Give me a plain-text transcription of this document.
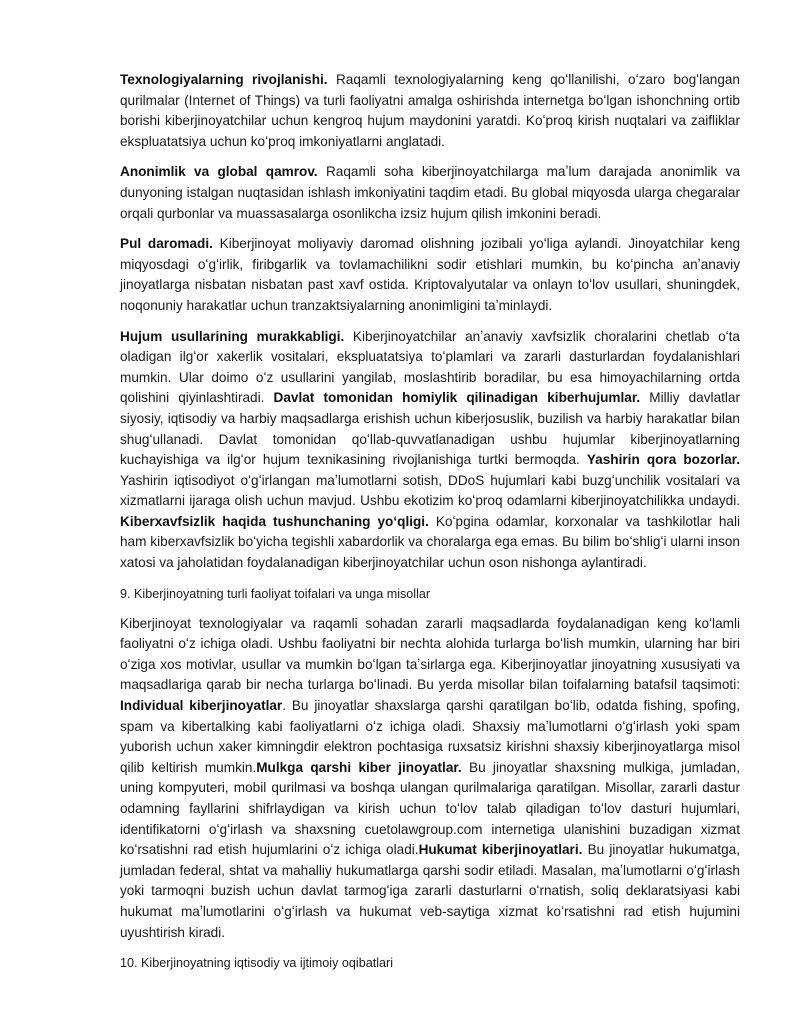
Texnologiyalarning rivojlanishi. Raqamli texnologiyalarning keng qoʻllanilishi, oʻzaro bogʻlangan qurilmalar (Internet of Things) va turli faoliyatni amalga oshirishda internetga boʻlgan ishonchning ortib borishi kiberjinoyatchilar uchun kengroq hujum maydonini yaratdi. Koʻproq kirish nuqtalari va zaifliklar ekspluatatsiya uchun koʻproq imkoniyatlarni anglatadi.

Anonimlik va global qamrov. Raqamli soha kiberjinoyatchilarga maʼlum darajada anonimlik va dunyoning istalgan nuqtasidan ishlash imkoniyatini taqdim etadi. Bu global miqyosda ularga chegaralar orqali qurbonlar va muassasalarga osonlikcha izsiz hujum qilish imkonini beradi.

Pul daromadi. Kiberjinoyat moliyaviy daromad olishning jozibali yoʻliga aylandi. Jinoyatchilar keng miqyosdagi oʻgʻirlik, firibgarlik va tovlamachilikni sodir etishlari mumkin, bu koʻpincha anʼanaviy jinoyatlarga nisbatan nisbatan past xavf ostida. Kriptovalyutalar va onlayn toʻlov usullari, shuningdek, noqonuniy harakatlar uchun tranzaktsiyalarning anonimligini taʼminlaydi.

Hujum usullarining murakkabligi. Kiberjinoyatchilar anʼanaviy xavfsizlik choralarini chetlab oʻta oladigan ilgʻor xakerlik vositalari, ekspluatatsiya toʻplamlari va zararli dasturlardan foydalanishlari mumkin. Ular doimo oʻz usullarini yangilab, moslashtirib boradilar, bu esa himoyachilarning ortda qolishini qiyinlashtiradi. Davlat tomonidan homiylik qilinadigan kiberhujumlar. Milliy davlatlar siyosiy, iqtisodiy va harbiy maqsadlarga erishish uchun kiberjosuslik, buzilish va harbiy harakatlar bilan shugʻullanadi. Davlat tomonidan qoʻllab-quvvatlanadigan ushbu hujumlar kiberjinoyatlarning kuchayishiga va ilgʻor hujum texnikasining rivojlanishiga turtki bermoqda. Yashirin qora bozorlar. Yashirin iqtisodiyot oʻgʻirlangan maʼlumotlarni sotish, DDoS hujumlari kabi buzgʻunchilik vositalari va xizmatlarni ijaraga olish uchun mavjud. Ushbu ekotizim koʻproq odamlarni kiberjinoyatchilikka undaydi. Kiberxavfsizlik haqida tushunchaning yoʻqligi. Koʻpgina odamlar, korxonalar va tashkilotlar hali ham kiberxavfsizlik boʻyicha tegishli xabardorlik va choralarga ega emas. Bu bilim boʻshligʻi ularni inson xatosi va jaholatidan foydalanadigan kiberjinoyatchilar uchun oson nishonga aylantiradi.

9. Kiberjinoyatning turli faoliyat toifalari va unga misollar

Kiberjinoyat texnologiyalar va raqamli sohadan zararli maqsadlarda foydalanadigan keng koʻlamli faoliyatni oʻz ichiga oladi. Ushbu faoliyatni bir nechta alohida turlarga boʻlish mumkin, ularning har biri oʻziga xos motivlar, usullar va mumkin boʻlgan taʼsirlarga ega. Kiberjinoyatlar jinoyatning xususiyati va maqsadlariga qarab bir necha turlarga boʻlinadi. Bu yerda misollar bilan toifalarning batafsil taqsimoti: Individual kiberjinoyatlar. Bu jinoyatlar shaxslarga qarshi qaratilgan boʻlib, odatda fishing, spofing, spam va kibertalking kabi faoliyatlarni oʻz ichiga oladi. Shaxsiy maʼlumotlarni oʻgʻirlash yoki spam yuborish uchun xaker kimningdir elektron pochtasiga ruxsatsiz kirishni shaxsiy kiberjinoyatlarga misol qilib keltirish mumkin.Mulkga qarshi kiber jinoyatlar. Bu jinoyatlar shaxsning mulkiga, jumladan, uning kompyuteri, mobil qurilmasi va boshqa ulangan qurilmalariga qaratilgan. Misollar, zararli dastur odamning fayllarini shifrlaydigan va kirish uchun toʻlov talab qiladigan toʻlov dasturi hujumlari, identifikatorni oʻgʻirlash va shaxsning cuetolawgroup.com internetiga ulanishini buzadigan xizmat koʻrsatishni rad etish hujumlarini oʻz ichiga oladi.Hukumat kiberjinoyatlari. Bu jinoyatlar hukumatga, jumladan federal, shtat va mahalliy hukumatlarga qarshi sodir etiladi. Masalan, maʼlumotlarni oʻgʻirlash yoki tarmoqni buzish uchun davlat tarmogʻiga zararli dasturlarni oʻrnatish, soliq deklaratsiyasi kabi hukumat maʼlumotlarini oʻgʻirlash va hukumat veb-saytiga xizmat koʻrsatishni rad etish hujumini uyushtirish kiradi.

10. Kiberjinoyatning iqtisodiy va ijtimoiy oqibatlari
